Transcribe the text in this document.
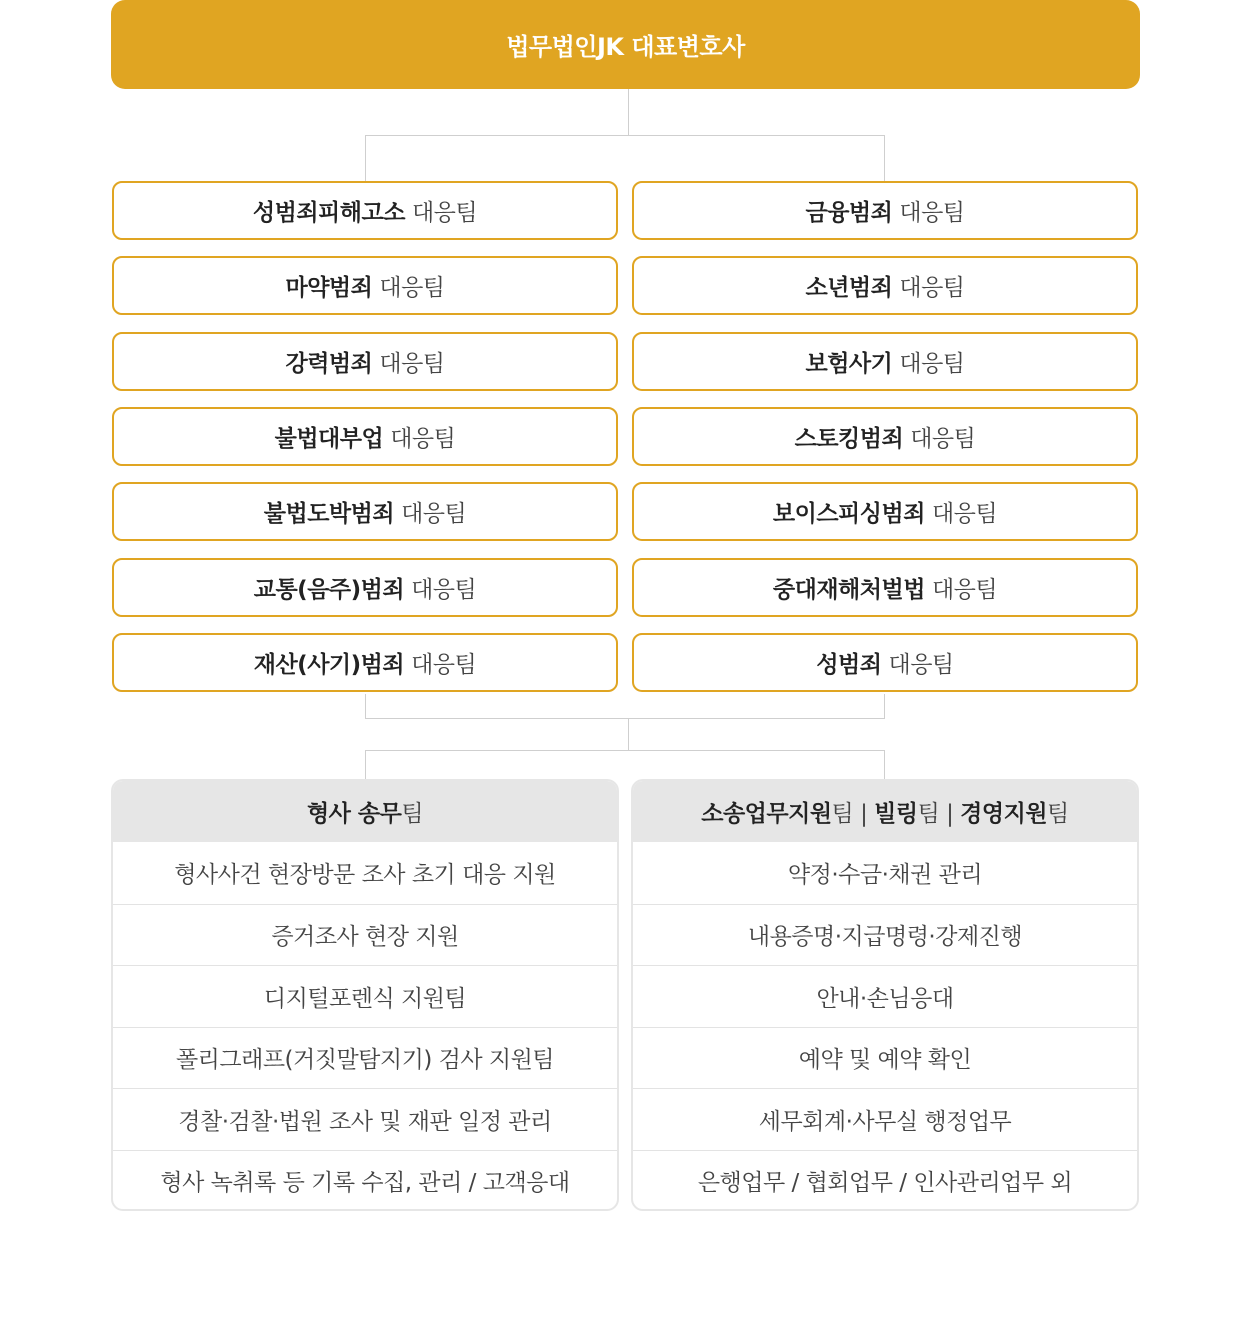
법무법인JK 대표변호사
성범죄피해고소 대응팀
마약범죄 대응팀
강력범죄 대응팀
불법대부업 대응팀
불법도박범죄 대응팀
교통(음주)범죄 대응팀
재산(사기)범죄 대응팀
금융범죄 대응팀
소년범죄 대응팀
보험사기 대응팀
스토킹범죄 대응팀
보이스피싱범죄 대응팀
중대재해처벌법 대응팀
성범죄 대응팀
형사 송무 팀
형사사건 현장방문 조사 초기 대응 지원
증거조사 현장 지원
디지털포렌식 지원팀
폴리그래프(거짓말탐지기) 검사 지원팀
경찰·검찰·법원 조사 및 재판 일정 관리
형사 녹취록 등 기록 수집, 관리 / 고객응대
소송업무지원 팀 | 빌링 팀 | 경영지원 팀
약정·수금·채권 관리
내용증명·지급명령·강제진행
안내·손님응대
예약 및 예약 확인
세무회계·사무실 행정업무
은행업무 / 협회업무 / 인사관리업무 외
